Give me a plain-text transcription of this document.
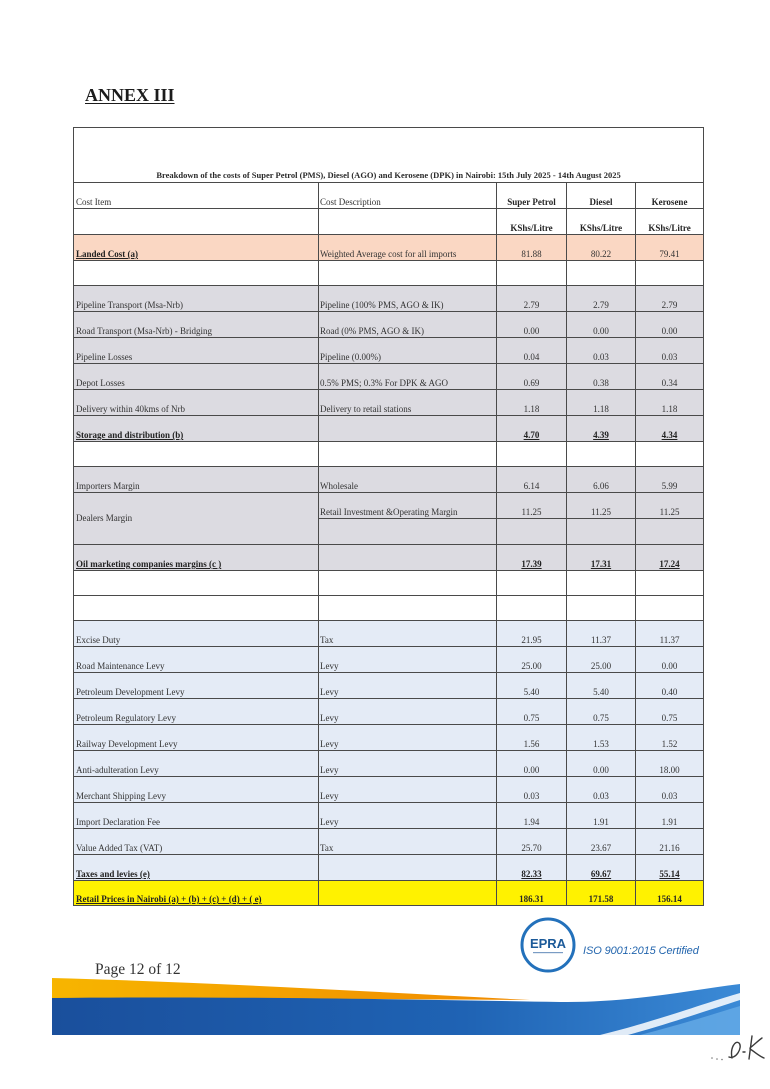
ANNEX III
Breakdown of the costs of Super Petrol (PMS), Diesel (AGO) and Kerosene (DPK) in Nairobi: 15th July 2025 - 14th August 2025				
Cost Item	Cost Description	Super Petrol	Diesel	Kerosene
		KShs/Litre	KShs/Litre	KShs/Litre
Landed Cost (a)	Weighted Average cost for all imports	81.88	80.22	79.41

Pipeline Transport (Msa-Nrb)	Pipeline (100% PMS, AGO & IK)	2.79	2.79	2.79
Road Transport (Msa-Nrb) - Bridging	Road (0% PMS, AGO & IK)	0.00	0.00	0.00
Pipeline Losses	Pipeline (0.00%)	0.04	0.03	0.03
Depot Losses	0.5% PMS; 0.3% For DPK & AGO	0.69	0.38	0.34
Delivery within 40kms of Nrb	Delivery to retail stations	1.18	1.18	1.18
Storage and distribution (b)		4.70	4.39	4.34

Importers Margin	Wholesale	6.14	6.06	5.99
Dealers Margin	Retail Investment &Operating Margin	11.25	11.25	11.25

Oil marketing companies margins (c )		17.39	17.31	17.24

Excise Duty	Tax	21.95	11.37	11.37
Road Maintenance Levy	Levy	25.00	25.00	0.00
Petroleum Development Levy	Levy	5.40	5.40	0.40
Petroleum Regulatory Levy	Levy	0.75	0.75	0.75
Railway Development Levy	Levy	1.56	1.53	1.52
Anti-adulteration Levy	Levy	0.00	0.00	18.00
Merchant Shipping Levy	Levy	0.03	0.03	0.03
Import Declaration Fee	Levy	1.94	1.91	1.91
Value Added Tax (VAT)	Tax	25.70	23.67	21.16
Taxes and levies (e)		82.33	69.67	55.14
Retail Prices in Nairobi (a) + (b) + (c) + (d) + ( e)		186.31	171.58	156.14
EPRA ISO 9001:2015 Certified
Page 12 of 12
